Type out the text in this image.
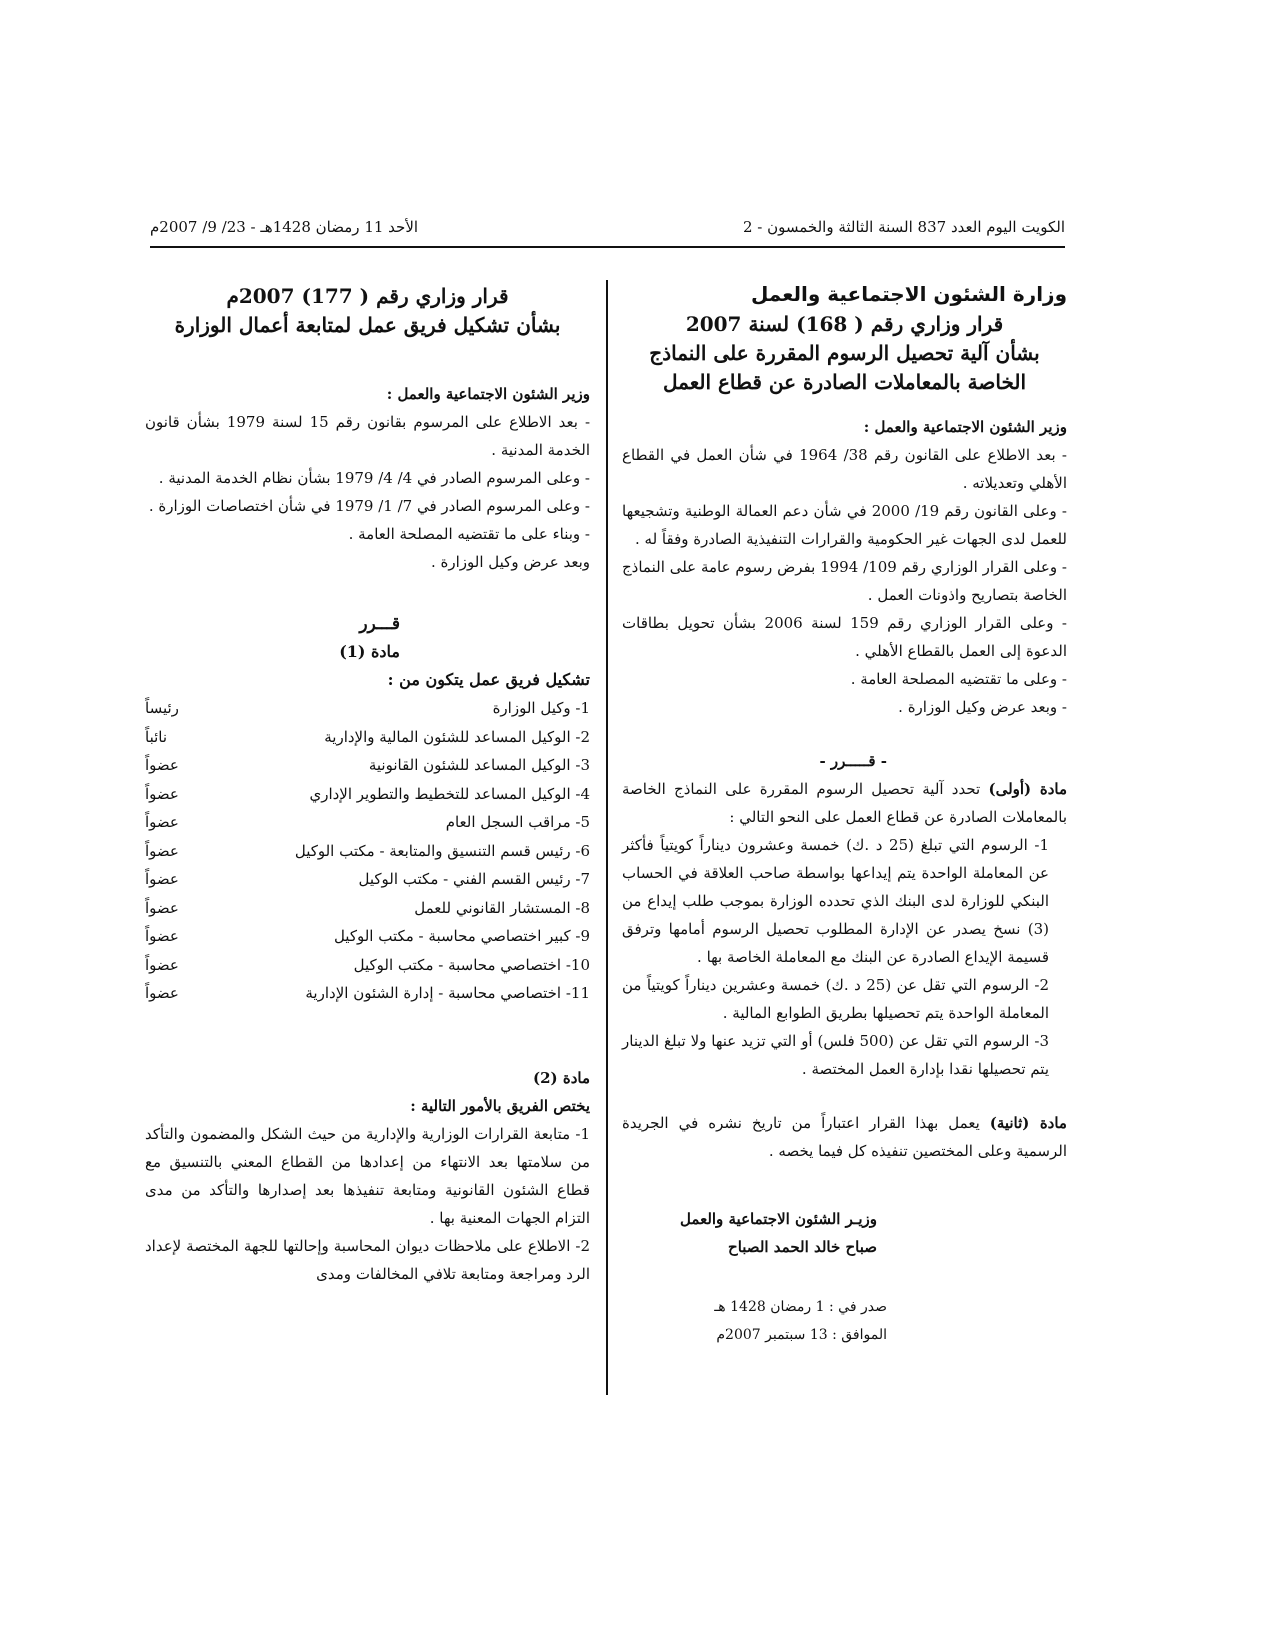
الكويت اليوم العدد 837 السنة الثالثة والخمسون - 2
الأحد 11 رمضان 1428هـ - 23/ 9/ 2007م
وزارة الشئون الاجتماعية والعمل
قرار وزاري رقم ( 168) لسنة 2007
بشأن آلية تحصيل الرسوم المقررة على النماذج
الخاصة بالمعاملات الصادرة عن قطاع العمل
وزير الشئون الاجتماعية والعمل :
- بعد الاطلاع على القانون رقم 38/ 1964 في شأن العمل في القطاع الأهلي وتعديلاته .
- وعلى القانون رقم 19/ 2000 في شأن دعم العمالة الوطنية وتشجيعها للعمل لدى الجهات غير الحكومية والقرارات التنفيذية الصادرة وفقاً له .
- وعلى القرار الوزاري رقم 109/ 1994 بفرض رسوم عامة على النماذج الخاصة بتصاريح واذونات العمل .
- وعلى القرار الوزاري رقم 159 لسنة 2006 بشأن تحويل بطاقات الدعوة إلى العمل بالقطاع الأهلي .
- وعلى ما تقتضيه المصلحة العامة .
- وبعد عرض وكيل الوزارة .
- قـــــرر -
مادة (أولى) تحدد آلية تحصيل الرسوم المقررة على النماذج الخاصة بالمعاملات الصادرة عن قطاع العمل على النحو التالي :
1- الرسوم التي تبلغ (25 د .ك) خمسة وعشرون ديناراً كويتياً فأكثر عن المعاملة الواحدة يتم إيداعها بواسطة صاحب العلاقة في الحساب البنكي للوزارة لدى البنك الذي تحدده الوزارة بموجب طلب إيداع من (3) نسخ يصدر عن الإدارة المطلوب تحصيل الرسوم أمامها وترفق قسيمة الإيداع الصادرة عن البنك مع المعاملة الخاصة بها .
2- الرسوم التي تقل عن (25 د .ك) خمسة وعشرين ديناراً كويتياً من المعاملة الواحدة يتم تحصيلها بطريق الطوابع المالية .
3- الرسوم التي تقل عن (500 فلس) أو التي تزيد عنها ولا تبلغ الدينار يتم تحصيلها نقدا بإدارة العمل المختصة .
مادة (ثانية) يعمل بهذا القرار اعتباراً من تاريخ نشره في الجريدة الرسمية وعلى المختصين تنفيذه كل فيما يخصه .
وزيـر الشئون الاجتماعية والعمل
صباح خالد الحمد الصباح
صدر في : 1 رمضان 1428 هـ
الموافق : 13 سبتمبر 2007م
قرار وزاري رقم ( 177) 2007م
بشأن تشكيل فريق عمل لمتابعة أعمال الوزارة
وزير الشئون الاجتماعية والعمل :
- بعد الاطلاع على المرسوم بقانون رقم 15 لسنة 1979 بشأن قانون الخدمة المدنية .
- وعلى المرسوم الصادر في 4/ 4/ 1979 بشأن نظام الخدمة المدنية .
- وعلى المرسوم الصادر في 7/ 1/ 1979 في شأن اختصاصات الوزارة .
- وبناء على ما تقتضيه المصلحة العامة .
وبعد عرض وكيل الوزارة .
قـــرر
مادة (1)
تشكيل فريق عمل يتكون من :
1- وكيل الوزارة
رئيساً
2- الوكيل المساعد للشئون المالية والإدارية
نائباً
3- الوكيل المساعد للشئون القانونية
عضواً
4- الوكيل المساعد للتخطيط والتطوير الإداري
عضواً
5- مراقب السجل العام
عضواً
6- رئيس قسم التنسيق والمتابعة - مكتب الوكيل
عضواً
7- رئيس القسم الفني - مكتب الوكيل
عضواً
8- المستشار القانوني للعمل
عضواً
9- كبير اختصاصي محاسبة - مكتب الوكيل
عضواً
10- اختصاصي محاسبة - مكتب الوكيل
عضواً
11- اختصاصي محاسبة - إدارة الشئون الإدارية
عضواً
مادة (2)
يختص الفريق بالأمور التالية :
1- متابعة القرارات الوزارية والإدارية من حيث الشكل والمضمون والتأكد من سلامتها بعد الانتهاء من إعدادها من القطاع المعني بالتنسيق مع قطاع الشئون القانونية ومتابعة تنفيذها بعد إصدارها والتأكد من مدى التزام الجهات المعنية بها .
2- الاطلاع على ملاحظات ديوان المحاسبة وإحالتها للجهة المختصة لإعداد الرد ومراجعة ومتابعة تلافي المخالفات ومدى
